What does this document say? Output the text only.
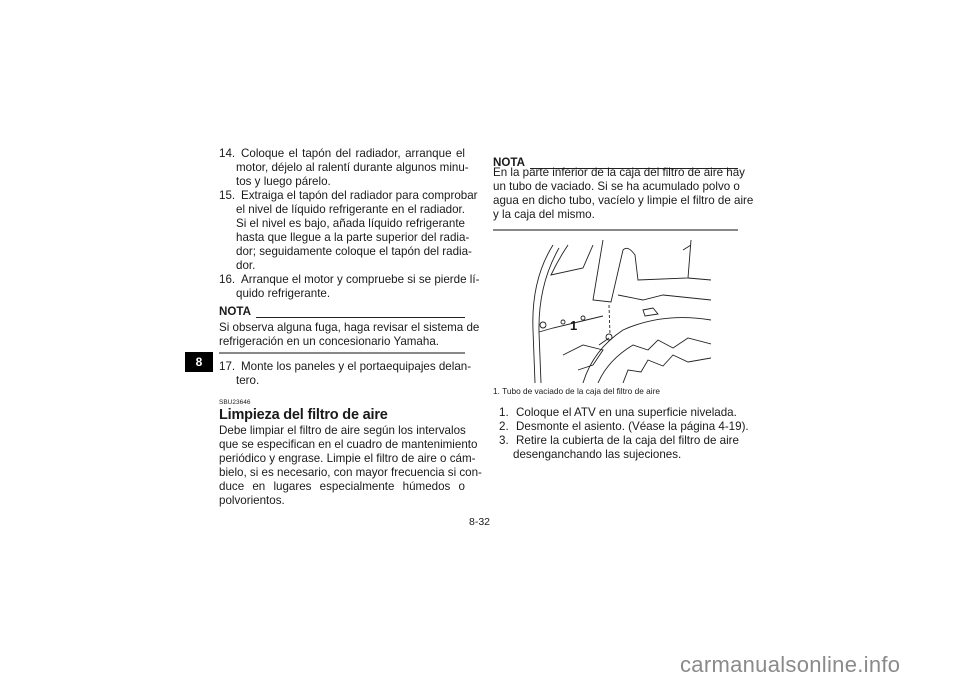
14. Coloque el tapón del radiador, arranque el
motor, déjelo al ralentí durante algunos minu-
tos y luego párelo.
15. Extraiga el tapón del radiador para comprobar
el nivel de líquido refrigerante en el radiador.
Si el nivel es bajo, añada líquido refrigerante
hasta que llegue a la parte superior del radia-
dor; seguidamente coloque el tapón del radia-
dor.
16. Arranque el motor y compruebe si se pierde lí-
quido refrigerante.
NOTA
Si observa alguna fuga, haga revisar el sistema de
refrigeración en un concesionario Yamaha.
8	17. Monte los paneles y el portaequipajes delan-
tero.
SBU23646
Limpieza del filtro de aire
Debe limpiar el filtro de aire según los intervalos
que se especifican en el cuadro de mantenimiento
periódico y engrase. Limpie el filtro de aire o cám-
bielo, si es necesario, con mayor frecuencia si con-
duce en lugares especialmente húmedos o
polvorientos.
NOTA
En la parte inferior de la caja del filtro de aire hay
un tubo de vaciado. Si se ha acumulado polvo o
agua en dicho tubo, vacíelo y limpie el filtro de aire
y la caja del mismo.
1
1. Tubo de vaciado de la caja del filtro de aire
1. Coloque el ATV en una superficie nivelada.
2. Desmonte el asiento. (Véase la página 4-19).
3. Retire la cubierta de la caja del filtro de aire
desenganchando las sujeciones.
8-32
carmanualsonline.info
